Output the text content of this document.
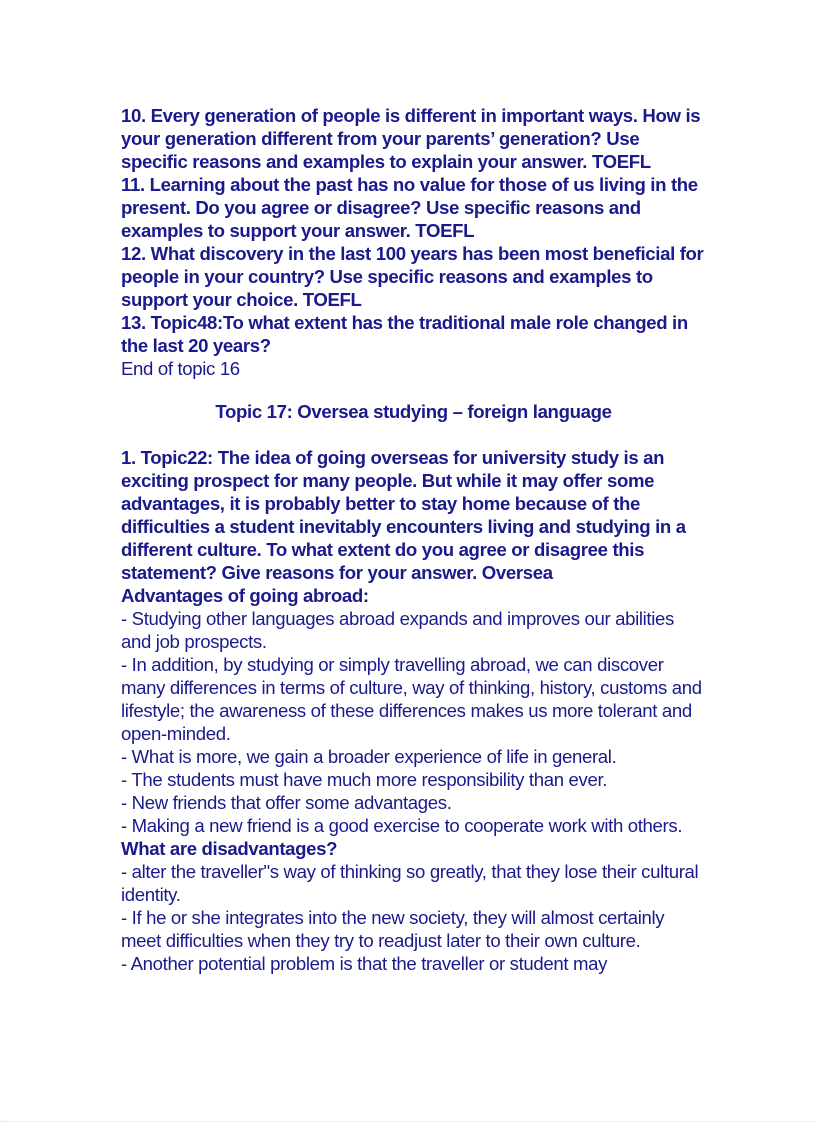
10. Every generation of people is different in important ways. How is your generation different from your parents’ generation? Use specific reasons and examples to explain your answer. TOEFL

11. Learning about the past has no value for those of us living in the present. Do you agree or disagree? Use specific reasons and examples to support your answer. TOEFL

12. What discovery in the last 100 years has been most beneficial for people in your country? Use specific reasons and examples to support your choice. TOEFL

13. Topic48:To what extent has the traditional male role changed in the last 20 years?

End of topic 16

Topic 17: Oversea studying – foreign language

1. Topic22: The idea of going overseas for university study is an exciting prospect for many people. But while it may offer some advantages, it is probably better to stay home because of the difficulties a student inevitably encounters living and studying in a different culture. To what extent do you agree or disagree this statement? Give reasons for your answer. Oversea

Advantages of going abroad:

- Studying other languages abroad expands and improves our abilities and job prospects.

- In addition, by studying or simply travelling abroad, we can discover many differences in terms of culture, way of thinking, history, customs and lifestyle; the awareness of these differences makes us more tolerant and open-minded.

- What is more, we gain a broader experience of life in general.

- The students must have much more responsibility than ever.

- New friends that offer some advantages.

- Making a new friend is a good exercise to cooperate work with others.

What are disadvantages?

- alter the traveller"s way of thinking so greatly, that they lose their cultural identity.

- If he or she integrates into the new society, they will almost certainly meet difficulties when they try to readjust later to their own culture.

- Another potential problem is that the traveller or student may
